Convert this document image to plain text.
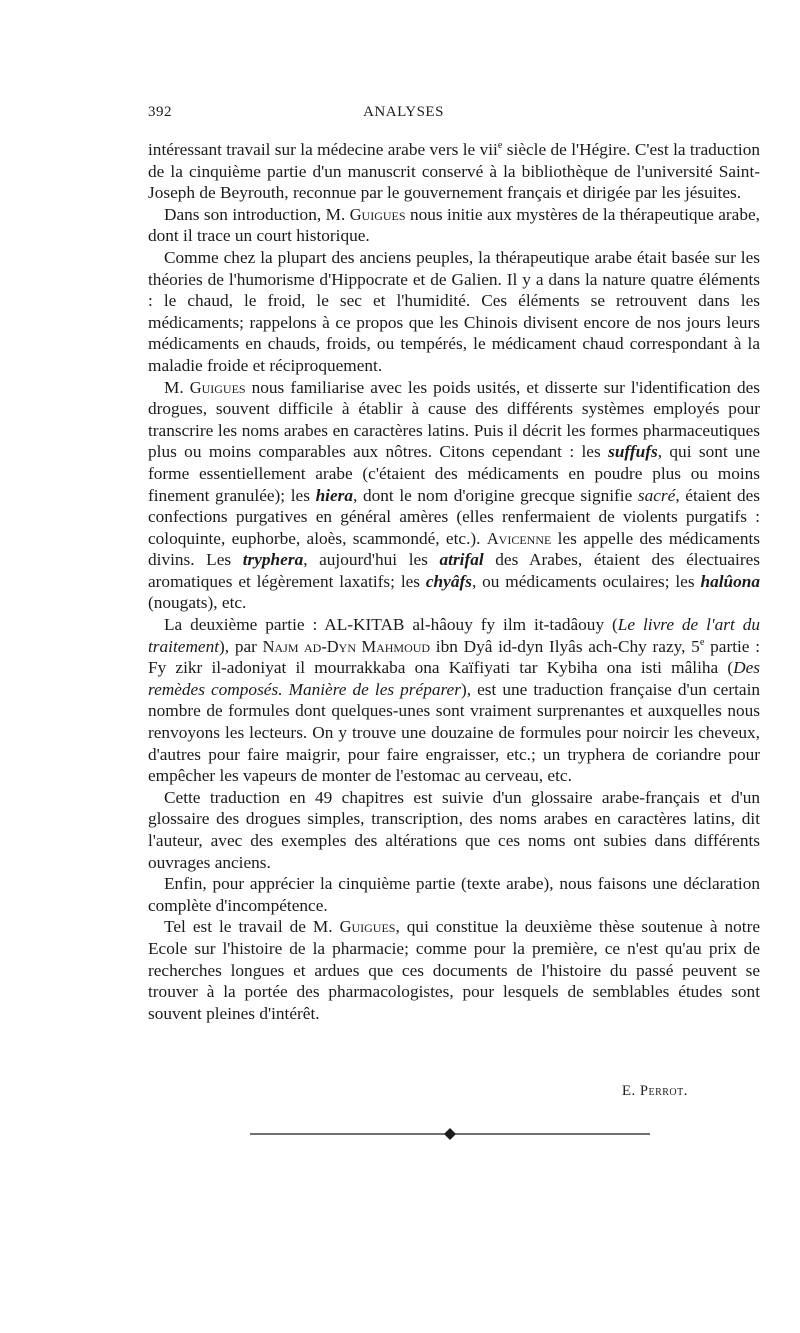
392	ANALYSES

intéressant travail sur la médecine arabe vers le vii$^e$ siècle de l'Hégire. C'est la traduction de la cinquième partie d'un manuscrit conservé à la bibliothèque de l'université Saint-Joseph de Beyrouth, reconnue par le gouvernement français et dirigée par les jésuites.

Dans son introduction, M. Guigues nous initie aux mystères de la thérapeutique arabe, dont il trace un court historique.

Comme chez la plupart des anciens peuples, la thérapeutique arabe était basée sur les théories de l'humorisme d'Hippocrate et de Galien. Il y a dans la nature quatre éléments : le chaud, le froid, le sec et l'humidité. Ces éléments se retrouvent dans les médicaments; rappelons à ce propos que les Chinois divisent encore de nos jours leurs médicaments en chauds, froids, ou tempérés, le médicament chaud correspondant à la maladie froide et réciproquement.

M. Guigues nous familiarise avec les poids usités, et disserte sur l'identification des drogues, souvent difficile à établir à cause des différents systèmes employés pour transcrire les noms arabes en caractères latins. Puis il décrit les formes pharmaceutiques plus ou moins comparables aux nôtres. Citons cependant : les suffufs, qui sont une forme essentiellement arabe (c'étaient des médicaments en poudre plus ou moins finement granulée); les hiera, dont le nom d'origine grecque signifie sacré, étaient des confections purgatives en général amères (elles renfermaient de violents purgatifs : coloquinte, euphorbe, aloès, scammondé, etc.). Avicenne les appelle des médicaments divins. Les tryphera, aujourd'hui les atrifal des Arabes, étaient des électuaires aromatiques et légèrement laxatifs; les chyâfs, ou médicaments oculaires; les halûona (nougats), etc.

La deuxième partie : AL-KITAB al-hâouy fy ilm it-tadâouy (Le livre de l'art du traitement), par Najm ad-Dyn Mahmoud ibn Dyâ id-dyn Ilyâs ach-Chy razy, 5e partie : Fy zikr il-adoniyat il mourrakkaba ona Kaïfiyati tar Kybiha ona isti mâliha (Des remèdes composés. Manière de les préparer), est une traduction française d'un certain nombre de formules dont quelques-unes sont vraiment surprenantes et auxquelles nous renvoyons les lecteurs. On y trouve une douzaine de formules pour noircir les cheveux, d'autres pour faire maigrir, pour faire engraisser, etc.; un tryphera de coriandre pour empêcher les vapeurs de monter de l'estomac au cerveau, etc.

Cette traduction en 49 chapitres est suivie d'un glossaire arabe-français et d'un glossaire des drogues simples, transcription, des noms arabes en caractères latins, dit l'auteur, avec des exemples des altérations que ces noms ont subies dans différents ouvrages anciens.

Enfin, pour apprécier la cinquième partie (texte arabe), nous faisons une déclaration complète d'incompétence.

Tel est le travail de M. Guigues, qui constitue la deuxième thèse soutenue à notre Ecole sur l'histoire de la pharmacie; comme pour la première, ce n'est qu'au prix de recherches longues et ardues que ces documents de l'histoire du passé peuvent se trouver à la portée des pharmacologistes, pour lesquels de semblables études sont souvent pleines d'intérêt.

E. Perrot.
